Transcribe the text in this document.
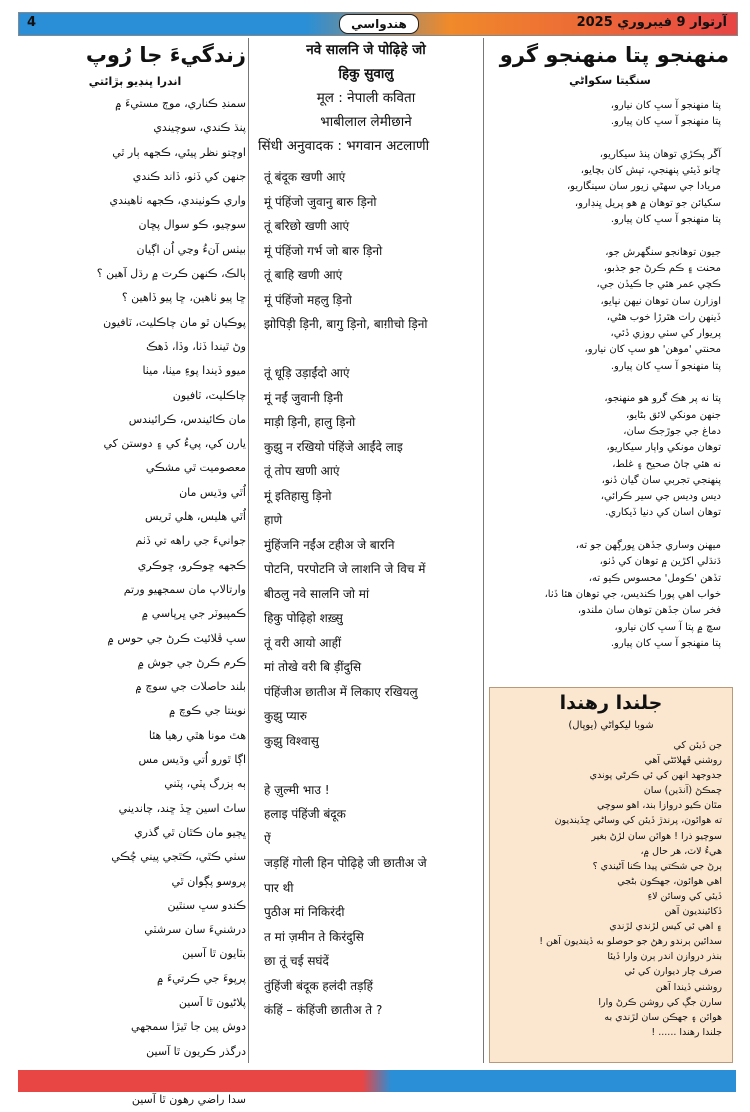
4	هندواسي	آرتوار 9 فيبروري 2025
زندگيءَ جا رُوپ
اندرا ڀنڊيو ٻڙائتي
سمنڊ ڪناري، موڄ مستيءَ ۾
پنڌ ڪندي، سوچيندي
اوچتو نظر پيئي، ڪجهه ٻار ٿي
جنهن کي ڏٺو، ڏاند ڪندي
واري ڪوٺيندي، ڪجهه ٺاهيندي
سوچيو، ڪو سوال پڇان
بيٺس آنءُ وڃي اُن اڳيان
ٻالڪ، ڪنهن ڪرت ۾ رڌل آهين ؟
ڇا پيو ٺاهين، ڇا پيو ڏاهين ؟
پوڪيان ٿو مان چاڪليٽ، ٽافيون
وڻ ٿيندا ڏٺا، وڏا، ڏهڪ
ميوو ڏيندا پوءِ ميٺا، ميٺا
چاڪليٽ، ٽافيون
مان ڪائيندس، ڪرائيندس
يارن کي، پيءُ کي ۽ دوستن کي
معصوميت ٿي مشڪي
اُٿي وڌيس مان
اُٿي هليس، هلي ٿريس
جوانيءَ جي راهه تي ڏٺم
ڪجهه ڇوڪرو، ڇوڪري
وارتالاپ مان سمجهيو ورتم
ڪمپيوٽر جي ڀرپاسي ۾
سڀ ڦلائيٽ ڪرڻ جي حوس ۾
ڪرم ڪرڻ جي جوش ۾
بلند حاصلات جي سوچ ۾
نوينتا جي ڪوچ ۾
هٿ مونا هٿي رهيا هئا
اڳا ٿورو اُتي وڌيس مس
ٻه ٻزرگ پٽي، پٽني
ساٿ اسين ڇڏ ڇند، چانديني
ڀڄيو مان ڪٿان ٿي گذري
سٺي ڪٿي، ڪٿجي پيني چُڪي
پروسو پڳوان ٿي
ڪندو سڀ سنٿين
درشنيءَ سان سرشٽي
بٽايون ٿا آسين
پرپوءَ جي ڪرتيءَ ۾
پلاڻيون ٿا آسين
دوش پين جا ٿيڙا سمجهي
درگذر ڪريون ٿا آسين
سدا راضي رهون ٿا آسين
नवे सालनि जे पोढ़िहे जो
हिकु सुवालु
मूल : नेपाली कविता
भाबीलाल लेमीछाने
सिंधी अनुवादक : भगवान अटलाणी
तूं बंदूक खणी आएं
मूं पंहिंजो जुवानु बारु ड़िनो
तूं बरिछो खणी आएं
मूं पंहिंजो गर्भ जो बारु ड़िनो
तूं बाहि खणी आएं
मूं पंहिंजो महलु ड़िनो
झोपिड़ी ड़िनी, बागु ड़िनो, बाग़ीचो ड़िनो
तूं धूड़ि उड़ाईंदो आएं
मूं नईं जुवानी ड़िनी
माड़ी ड़िनी, हालु ड़िनो
कुझु न रखियो पंहिंजे आईंदे लाइ
तूं तोप खणी आएं
मूं इतिहासु ड़िनो
हाणे
मुंहिंजनि नईंअ टहीअ जे बारनि
पोटनि, परपोटनि जे लाशनि जे विच में
बीठलु नवे सालनि जो मां
हिकु पोढ़िहो शख़्सु
तूं वरी आयो आहीं
मां तोखे वरी बि ड़ींदुसि
पंहिंजीअ छातीअ में लिकाए रखियलु
कुझु प्यारु
कुझु विश्वासु
हे ज़ुल्मी भाउ !
हलाइ पंहिंजी बंदूक
ऐं
जड़हिं गोली हिन पोढ़िहे जी छातीअ जे
पार थी
पुठीअ मां निकिरंदी
त मां ज़मीन ते किरंदुसि
छा तूं चई सघंदें
तुंहिंजी बंदूक हलंदी तड़हिं
कंहिं – कंहिंजी छातीअ ते ?
منهنجو پتا منهنجو گرو
سنگيتا سکواڻي
پتا منهنجو آ سڀ کان نيارو،
پتا منهنجو آ سڀ کان پيارو.
آڱر پڪڙي توهان پنڌ سيکاريو،
ڇانو ڏيئي پنهنجي، تپش کان بچايو،
مريادا جي سهڻي زيور سان سينگاريو،
سکيائن جو توهان ۾ هو پريل ڀنڊارو،
پتا منهنجو آ سڀ کان پيارو.
جيون توهانجو سنگهرش جو،
محنت ۽ ڪم ڪرڻ جو جذبو،
ڪچي عمر هئي جا ڪيڏن جي،
اوزارن سان توهان نيهن نڀايو،
ڏينهن رات هٿرڙا خوب هڻي،
پريوار کي سٺي روزي ڏئي،
محنتي 'موهن' هو سڀ کان نيارو،
پتا منهنجو آ سڀ کان پيارو.
پتا نه پر هڪ گرو هو منهنجو،
جنهن مونکي لائق بڻايو،
دماغ جي جوڙجڪ سان،
توهان مونکي واپار سيکاريو،
نه هئي ڄاڻ صحيح ۽ غلط،
پنهنجي تجربي سان گيان ڏنو،
ديس وديس جي سير ڪرائي،
توهان اسان کي دنيا ڏيکاري.
ميهنن وساري جڏهن ڀورڳهن جو ته،
ڌنڌلي اکڙين ۾ توهان کي ڏٺو،
تڏهن 'ڪومل' محسوس ڪيو ته،
خواب اهي پورا ڪنديس، جي توهان هئا ڏٺا،
فخر سان جڏهن توهان سان ملندو،
سچ ۾ پتا آ سڀ کان نيارو،
پتا منهنجو آ سڀ کان پيارو.
جلندا رهندا
شوبا ليکواڻي (يوپال)
جن ڏيئن کي
روشني ڦهلائڻي آهي
جدوجهد انهن کي ئي ڪرڻي پوندي
چمڪڻ (آنڌين) سان
مٿان ڪيو دروازا بند، اهو سوچي
ته هوائون، پرندڙ ڏيئن کي وساڻي ڇڏينديون
سوچيو ذرا ! هوائن سان لڙڻ بغير
هيءُ لاٽ، هر حال ۾،
ٻرڻ جي شڪتي پيدا ڪنا آڻيندي ؟
اهي هوائون، جهڪون بڻجي
ڏيئي کي وسائن لاءِ
ڏکائينديون آهن
۽ اهي ئي کيس لڙندي لڙندي
سدائين ٻرندو رهڻ جو حوصلو به ڏينديون آهن !
بنذر دروازن اندر ٻرن وارا ڏيئا
صرف چار ديوارن کي ئي
روشني ڏيندا آهن
سارن جڳ کي روشن ڪرڻ وارا
هوائن ۽ جهڪن سان لڙندي به
جلندا رهندا ...... !
